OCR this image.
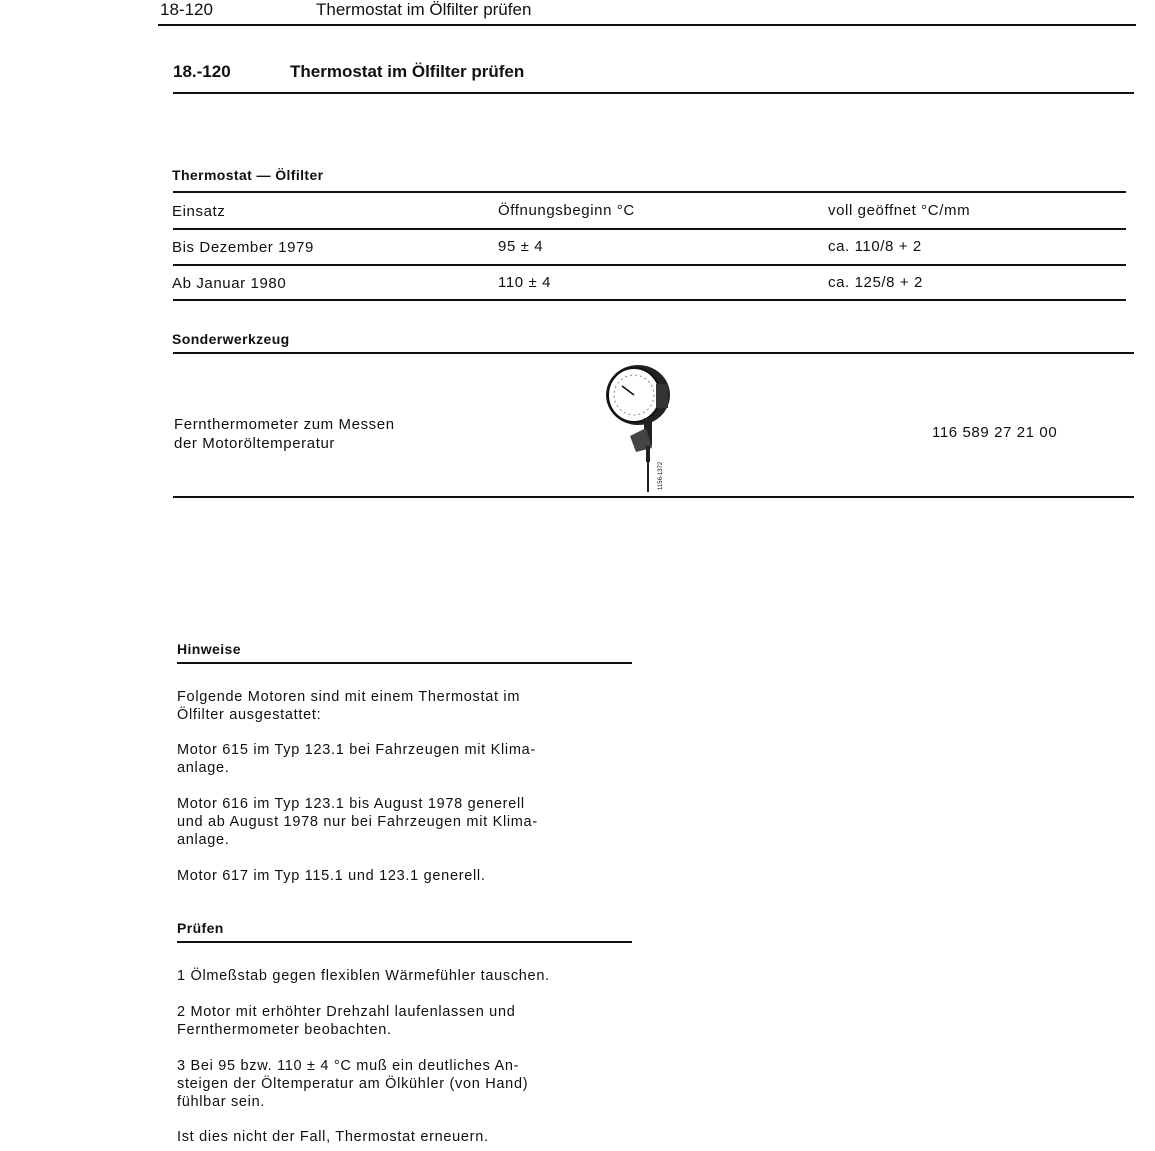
18-120	Thermostat im Ölfilter prüfen
18.-120	Thermostat im Ölfilter prüfen
Thermostat — Ölfilter
Einsatz	Öffnungsbeginn °C	voll geöffnet °C/mm
Bis Dezember 1979	95 ± 4	ca. 110/8 + 2
Ab Januar 1980	110 ± 4	ca. 125/8 + 2
Sonderwerkzeug
Fernthermometer zum Messen
der Motoröltemperatur
1156-1372
116 589 27 21 00
Hinweise

Folgende Motoren sind mit einem Thermostat im
Ölfilter ausgestattet:

Motor 615 im Typ 123.1 bei Fahrzeugen mit Klima-
anlage.

Motor 616 im Typ 123.1 bis August 1978 generell
und ab August 1978 nur bei Fahrzeugen mit Klima-
anlage.

Motor 617 im Typ 115.1 und 123.1 generell.

Prüfen

1 Ölmeßstab gegen flexiblen Wärmefühler tauschen.

2 Motor mit erhöhter Drehzahl laufenlassen und
Fernthermometer beobachten.

3 Bei 95 bzw. 110 ± 4 °C muß ein deutliches An-
steigen der Öltemperatur am Ölkühler (von Hand)
fühlbar sein.

Ist dies nicht der Fall, Thermostat erneuern.
